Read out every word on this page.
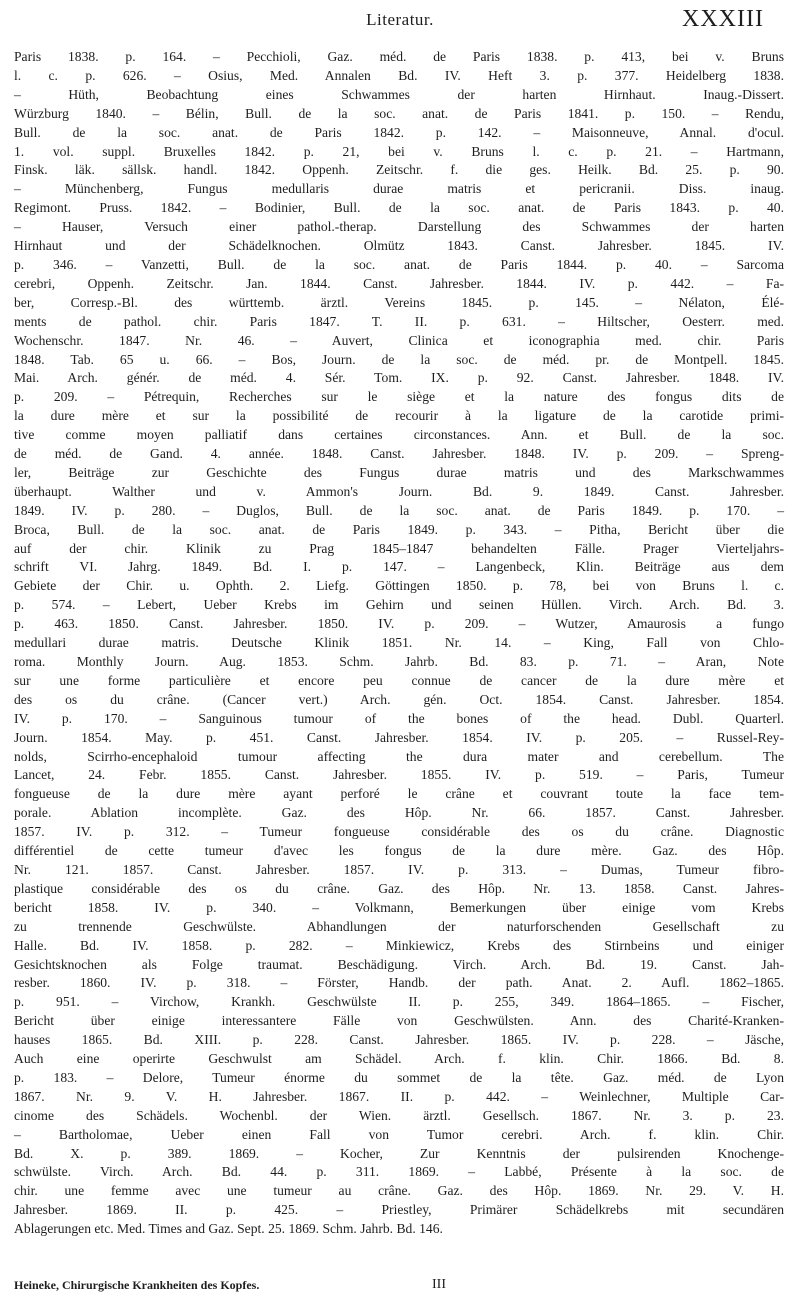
Literatur.	XXXIII
Paris 1838. p. 164. – Pecchioli, Gaz. méd. de Paris 1838. p. 413, bei v. Bruns
l. c. p. 626. – Osius, Med. Annalen Bd. IV. Heft 3. p. 377. Heidelberg 1838.
– Hüth, Beobachtung eines Schwammes der harten Hirnhaut. Inaug.-Dissert.
Würzburg 1840. – Bélin, Bull. de la soc. anat. de Paris 1841. p. 150. – Rendu,
Bull. de la soc. anat. de Paris 1842. p. 142. – Maisonneuve, Annal. d'ocul.
1. vol. suppl. Bruxelles 1842. p. 21, bei v. Bruns l. c. p. 21. – Hartmann,
Finsk. läk. sällsk. handl. 1842. Oppenh. Zeitschr. f. die ges. Heilk. Bd. 25. p. 90.
– Münchenberg, Fungus medullaris durae matris et pericranii. Diss. inaug.
Regimont. Pruss. 1842. – Bodinier, Bull. de la soc. anat. de Paris 1843. p. 40.
– Hauser, Versuch einer pathol.-therap. Darstellung des Schwammes der harten
Hirnhaut und der Schädelknochen. Olmütz 1843. Canst. Jahresber. 1845. IV.
p. 346. – Vanzetti, Bull. de la soc. anat. de Paris 1844. p. 40. – Sarcoma
cerebri, Oppenh. Zeitschr. Jan. 1844. Canst. Jahresber. 1844. IV. p. 442. – Fa-
ber, Corresp.-Bl. des württemb. ärztl. Vereins 1845. p. 145. – Nélaton, Élé-
ments de pathol. chir. Paris 1847. T. II. p. 631. – Hiltscher, Oesterr. med.
Wochenschr. 1847. Nr. 46. – Auvert, Clinica et iconographia med. chir. Paris
1848. Tab. 65 u. 66. – Bos, Journ. de la soc. de méd. pr. de Montpell. 1845.
Mai. Arch. génér. de méd. 4. Sér. Tom. IX. p. 92. Canst. Jahresber. 1848. IV.
p. 209. – Pétrequin, Recherches sur le siège et la nature des fongus dits de
la dure mère et sur la possibilité de recourir à la ligature de la carotide primi-
tive comme moyen palliatif dans certaines circonstances. Ann. et Bull. de la soc.
de méd. de Gand. 4. année. 1848. Canst. Jahresber. 1848. IV. p. 209. – Spreng-
ler, Beiträge zur Geschichte des Fungus durae matris und des Markschwammes
überhaupt. Walther und v. Ammon's Journ. Bd. 9. 1849. Canst. Jahresber.
1849. IV. p. 280. – Duglos, Bull. de la soc. anat. de Paris 1849. p. 170. –
Broca, Bull. de la soc. anat. de Paris 1849. p. 343. – Pitha, Bericht über die
auf der chir. Klinik zu Prag 1845–1847 behandelten Fälle. Prager Vierteljahrs-
schrift VI. Jahrg. 1849. Bd. I. p. 147. – Langenbeck, Klin. Beiträge aus dem
Gebiete der Chir. u. Ophth. 2. Liefg. Göttingen 1850. p. 78, bei von Bruns l. c.
p. 574. – Lebert, Ueber Krebs im Gehirn und seinen Hüllen. Virch. Arch. Bd. 3.
p. 463. 1850. Canst. Jahresber. 1850. IV. p. 209. – Wutzer, Amaurosis a fungo
medullari durae matris. Deutsche Klinik 1851. Nr. 14. – King, Fall von Chlo-
roma. Monthly Journ. Aug. 1853. Schm. Jahrb. Bd. 83. p. 71. – Aran, Note
sur une forme particulière et encore peu connue de cancer de la dure mère et
des os du crâne. (Cancer vert.) Arch. gén. Oct. 1854. Canst. Jahresber. 1854.
IV. p. 170. – Sanguinous tumour of the bones of the head. Dubl. Quarterl.
Journ. 1854. May. p. 451. Canst. Jahresber. 1854. IV. p. 205. – Russel-Rey-
nolds, Scirrho-encephaloid tumour affecting the dura mater and cerebellum. The
Lancet, 24. Febr. 1855. Canst. Jahresber. 1855. IV. p. 519. – Paris, Tumeur
fongueuse de la dure mère ayant perforé le crâne et couvrant toute la face tem-
porale. Ablation incomplète. Gaz. des Hôp. Nr. 66. 1857. Canst. Jahresber.
1857. IV. p. 312. – Tumeur fongueuse considérable des os du crâne. Diagnostic
différentiel de cette tumeur d'avec les fongus de la dure mère. Gaz. des Hôp.
Nr. 121. 1857. Canst. Jahresber. 1857. IV. p. 313. – Dumas, Tumeur fibro-
plastique considérable des os du crâne. Gaz. des Hôp. Nr. 13. 1858. Canst. Jahres-
bericht 1858. IV. p. 340. – Volkmann, Bemerkungen über einige vom Krebs
zu trennende Geschwülste. Abhandlungen der naturforschenden Gesellschaft zu
Halle. Bd. IV. 1858. p. 282. – Minkiewicz, Krebs des Stirnbeins und einiger
Gesichtsknochen als Folge traumat. Beschädigung. Virch. Arch. Bd. 19. Canst. Jah-
resber. 1860. IV. p. 318. – Förster, Handb. der path. Anat. 2. Aufl. 1862–1865.
p. 951. – Virchow, Krankh. Geschwülste II. p. 255, 349. 1864–1865. – Fischer,
Bericht über einige interessantere Fälle von Geschwülsten. Ann. des Charité-Kranken-
hauses 1865. Bd. XIII. p. 228. Canst. Jahresber. 1865. IV. p. 228. – Jäsche,
Auch eine operirte Geschwulst am Schädel. Arch. f. klin. Chir. 1866. Bd. 8.
p. 183. – Delore, Tumeur énorme du sommet de la tête. Gaz. méd. de Lyon
1867. Nr. 9. V. H. Jahresber. 1867. II. p. 442. – Weinlechner, Multiple Car-
cinome des Schädels. Wochenbl. der Wien. ärztl. Gesellsch. 1867. Nr. 3. p. 23.
– Bartholomae, Ueber einen Fall von Tumor cerebri. Arch. f. klin. Chir.
Bd. X. p. 389. 1869. – Kocher, Zur Kenntnis der pulsirenden Knochenge-
schwülste. Virch. Arch. Bd. 44. p. 311. 1869. – Labbé, Présente à la soc. de
chir. une femme avec une tumeur au crâne. Gaz. des Hôp. 1869. Nr. 29. V. H.
Jahresber. 1869. II. p. 425. – Priestley, Primärer Schädelkrebs mit secundären
Ablagerungen etc. Med. Times and Gaz. Sept. 25. 1869. Schm. Jahrb. Bd. 146.
Heineke, Chirurgische Krankheiten des Kopfes.	III
